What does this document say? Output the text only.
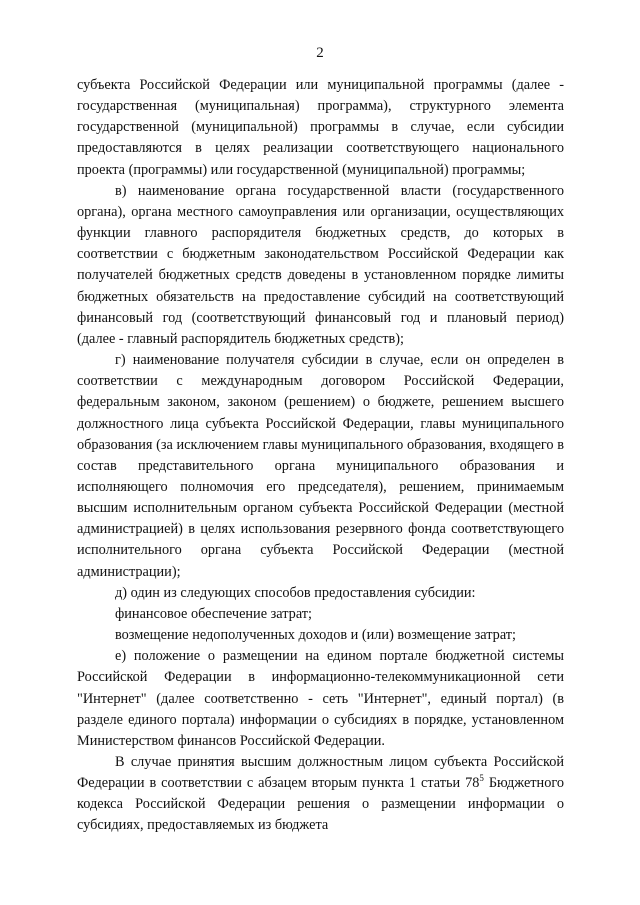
2

субъекта Российской Федерации или муниципальной программы (далее - государственная (муниципальная) программа), структурного элемента государственной (муниципальной) программы в случае, если субсидии предоставляются в целях реализации соответствующего национального проекта (программы) или государственной (муниципальной) программы;

в) наименование органа государственной власти (государственного органа), органа местного самоуправления или организации, осуществляющих функции главного распорядителя бюджетных средств, до которых в соответствии с бюджетным законодательством Российской Федерации как получателей бюджетных средств доведены в установленном порядке лимиты бюджетных обязательств на предоставление субсидий на соответствующий финансовый год (соответствующий финансовый год и плановый период) (далее - главный распорядитель бюджетных средств);

г) наименование получателя субсидии в случае, если он определен в соответствии с международным договором Российской Федерации, федеральным законом, законом (решением) о бюджете, решением высшего должностного лица субъекта Российской Федерации, главы муниципального образования (за исключением главы муниципального образования, входящего в состав представительного органа муниципального образования и исполняющего полномочия его председателя), решением, принимаемым высшим исполнительным органом субъекта Российской Федерации (местной администрацией) в целях использования резервного фонда соответствующего исполнительного органа субъекта Российской Федерации (местной администрации);

д) один из следующих способов предоставления субсидии:

финансовое обеспечение затрат;

возмещение недополученных доходов и (или) возмещение затрат;

е) положение о размещении на едином портале бюджетной системы Российской Федерации в информационно-телекоммуникационной сети "Интернет" (далее соответственно - сеть "Интернет", единый портал) (в разделе единого портала) информации о субсидиях в порядке, установленном Министерством финансов Российской Федерации.

В случае принятия высшим должностным лицом субъекта Российской Федерации в соответствии с абзацем вторым пункта 1 статьи $78^5$ Бюджетного кодекса Российской Федерации решения о размещении информации о субсидиях, предоставляемых из бюджета
